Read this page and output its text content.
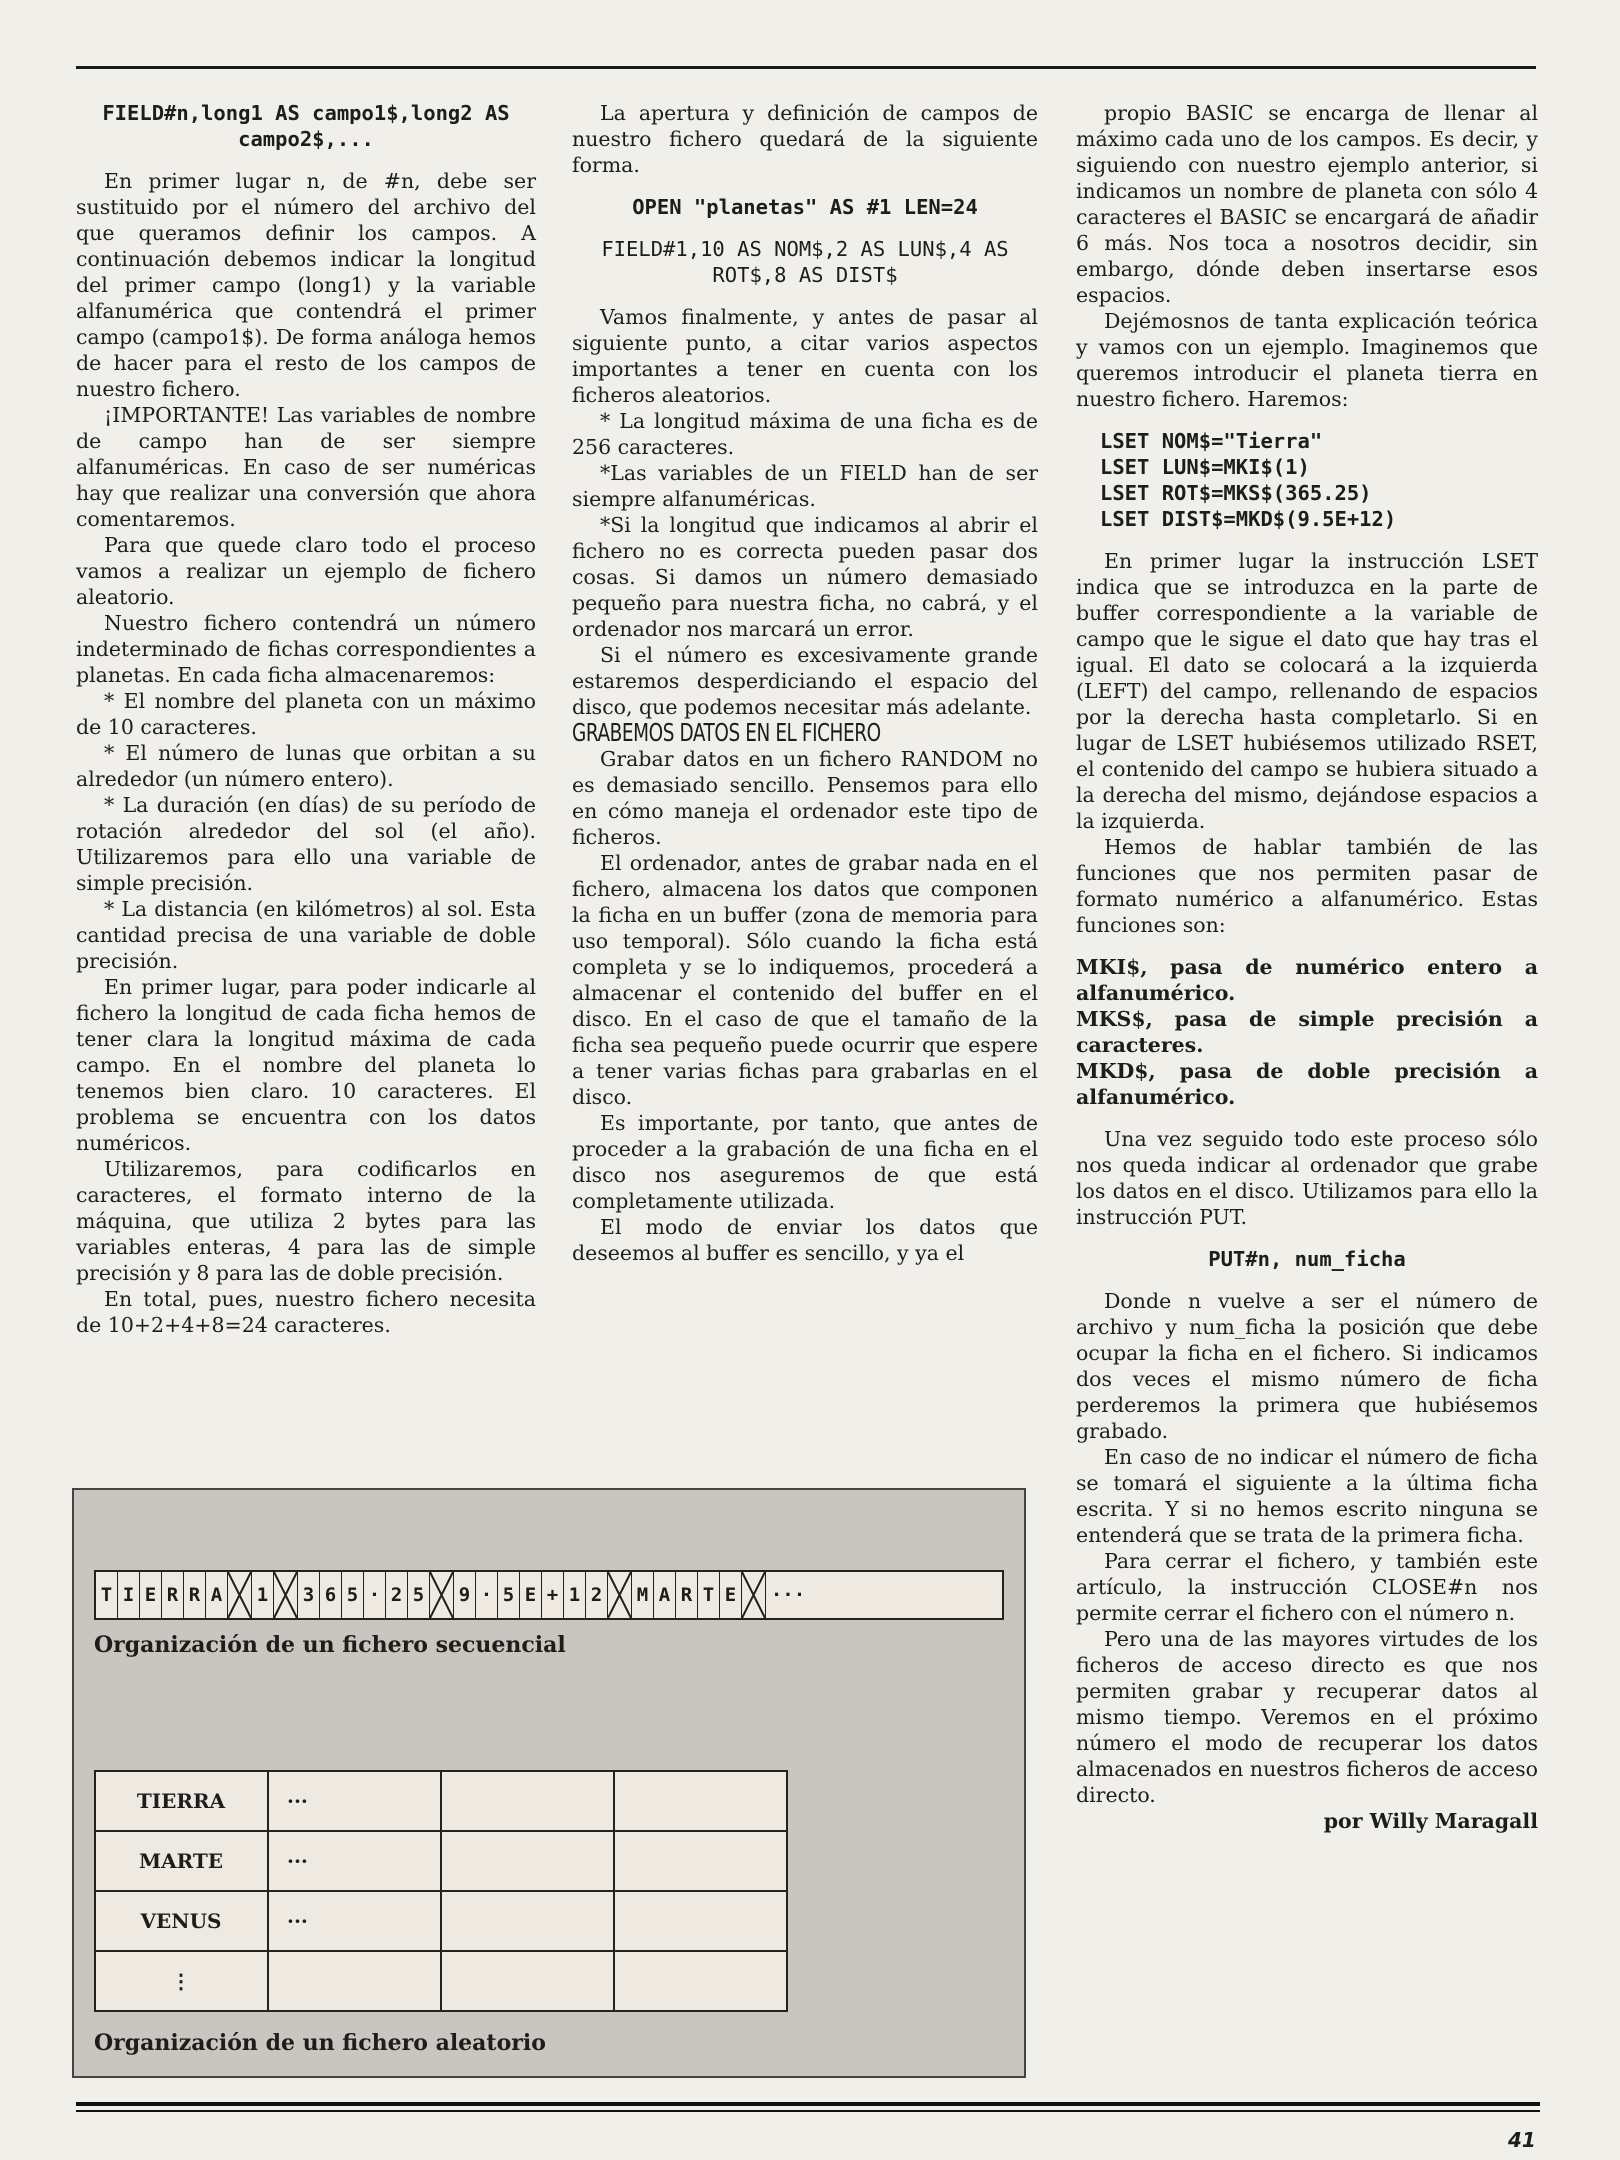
FIELD#n,long1 AS campo1$,long2 AS campo2$,...

En primer lugar n, de #n, debe ser sustituido por el número del archivo del que queramos definir los campos. A continuación debemos indicar la longitud del primer campo (long1) y la variable alfanumérica que contendrá el primer campo (campo1$). De forma análoga hemos de hacer para el resto de los campos de nuestro fichero.

¡IMPORTANTE! Las variables de nombre de campo han de ser siempre alfanuméricas. En caso de ser numéricas hay que realizar una conversión que ahora comentaremos.

Para que quede claro todo el proceso vamos a realizar un ejemplo de fichero aleatorio.

Nuestro fichero contendrá un número indeterminado de fichas correspondientes a planetas. En cada ficha almacenaremos:

* El nombre del planeta con un máximo de 10 caracteres.

* El número de lunas que orbitan a su alrededor (un número entero).

* La duración (en días) de su período de rotación alrededor del sol (el año). Utilizaremos para ello una variable de simple precisión.

* La distancia (en kilómetros) al sol. Esta cantidad precisa de una variable de doble precisión.

En primer lugar, para poder indicarle al fichero la longitud de cada ficha hemos de tener clara la longitud máxima de cada campo. En el nombre del planeta lo tenemos bien claro. 10 caracteres. El problema se encuentra con los datos numéricos.

Utilizaremos, para codificarlos en caracteres, el formato interno de la máquina, que utiliza 2 bytes para las variables enteras, 4 para las de simple precisión y 8 para las de doble precisión.

En total, pues, nuestro fichero necesita de 10+2+4+8=24 caracteres.

La apertura y definición de campos de nuestro fichero quedará de la siguiente forma.

OPEN "planetas" AS #1 LEN=24

FIELD#1,10 AS NOM$,2 AS LUN$,4 AS ROT$,8 AS DIST$

Vamos finalmente, y antes de pasar al siguiente punto, a citar varios aspectos importantes a tener en cuenta con los ficheros aleatorios.

* La longitud máxima de una ficha es de 256 caracteres.

*Las variables de un FIELD han de ser siempre alfanuméricas.

*Si la longitud que indicamos al abrir el fichero no es correcta pueden pasar dos cosas. Si damos un número demasiado pequeño para nuestra ficha, no cabrá, y el ordenador nos marcará un error.

Si el número es excesivamente grande estaremos desperdiciando el espacio del disco, que podemos necesitar más adelante.

GRABEMOS DATOS EN EL FICHERO

Grabar datos en un fichero RANDOM no es demasiado sencillo. Pensemos para ello en cómo maneja el ordenador este tipo de ficheros.

El ordenador, antes de grabar nada en el fichero, almacena los datos que componen la ficha en un buffer (zona de memoria para uso temporal). Sólo cuando la ficha está completa y se lo indiquemos, procederá a almacenar el contenido del buffer en el disco. En el caso de que el tamaño de la ficha sea pequeño puede ocurrir que espere a tener varias fichas para grabarlas en el disco.

Es importante, por tanto, que antes de proceder a la grabación de una ficha en el disco nos aseguremos de que está completamente utilizada.

El modo de enviar los datos que deseemos al buffer es sencillo, y ya el

propio BASIC se encarga de llenar al máximo cada uno de los campos. Es decir, y siguiendo con nuestro ejemplo anterior, si indicamos un nombre de planeta con sólo 4 caracteres el BASIC se encargará de añadir 6 más. Nos toca a nosotros decidir, sin embargo, dónde deben insertarse esos espacios.

Dejémosnos de tanta explicación teórica y vamos con un ejemplo. Imaginemos que queremos introducir el planeta tierra en nuestro fichero. Haremos:

LSET NOM$="Tierra"

LSET LUN$=MKI$(1)

LSET ROT$=MKS$(365.25)

LSET DIST$=MKD$(9.5E+12)

En primer lugar la instrucción LSET indica que se introduzca en la parte de buffer correspondiente a la variable de campo que le sigue el dato que hay tras el igual. El dato se colocará a la izquierda (LEFT) del campo, rellenando de espacios por la derecha hasta completarlo. Si en lugar de LSET hubiésemos utilizado RSET, el contenido del campo se hubiera situado a la derecha del mismo, dejándose espacios a la izquierda.

Hemos de hablar también de las funciones que nos permiten pasar de formato numérico a alfanumérico. Estas funciones son:

MKI$, pasa de numérico entero a alfanumérico.

MKS$, pasa de simple precisión a caracteres.

MKD$, pasa de doble precisión a alfanumérico.

Una vez seguido todo este proceso sólo nos queda indicar al ordenador que grabe los datos en el disco. Utilizamos para ello la instrucción PUT.

PUT#n, num_ficha

Donde n vuelve a ser el número de archivo y num_ficha la posición que debe ocupar la ficha en el fichero. Si indicamos dos veces el mismo número de ficha perderemos la primera que hubiésemos grabado.

En caso de no indicar el número de ficha se tomará el siguiente a la última ficha escrita. Y si no hemos escrito ninguna se entenderá que se trata de la primera ficha.

Para cerrar el fichero, y también este artículo, la instrucción CLOSE#n nos permite cerrar el fichero con el número n.

Pero una de las mayores virtudes de los ficheros de acceso directo es que nos permiten grabar y recuperar datos al mismo tiempo. Veremos en el próximo número el modo de recuperar los datos almacenados en nuestros ficheros de acceso directo.

por Willy Maragall

T I E R R A	1	3 6 5 · 2 5	9 · 5 E + 1 2	M A R T E	···
Organización de un fichero secuencial
TIERRA	···		
MARTE	···		
VENUS	···		
⋮			
Organización de un fichero aleatorio
41
